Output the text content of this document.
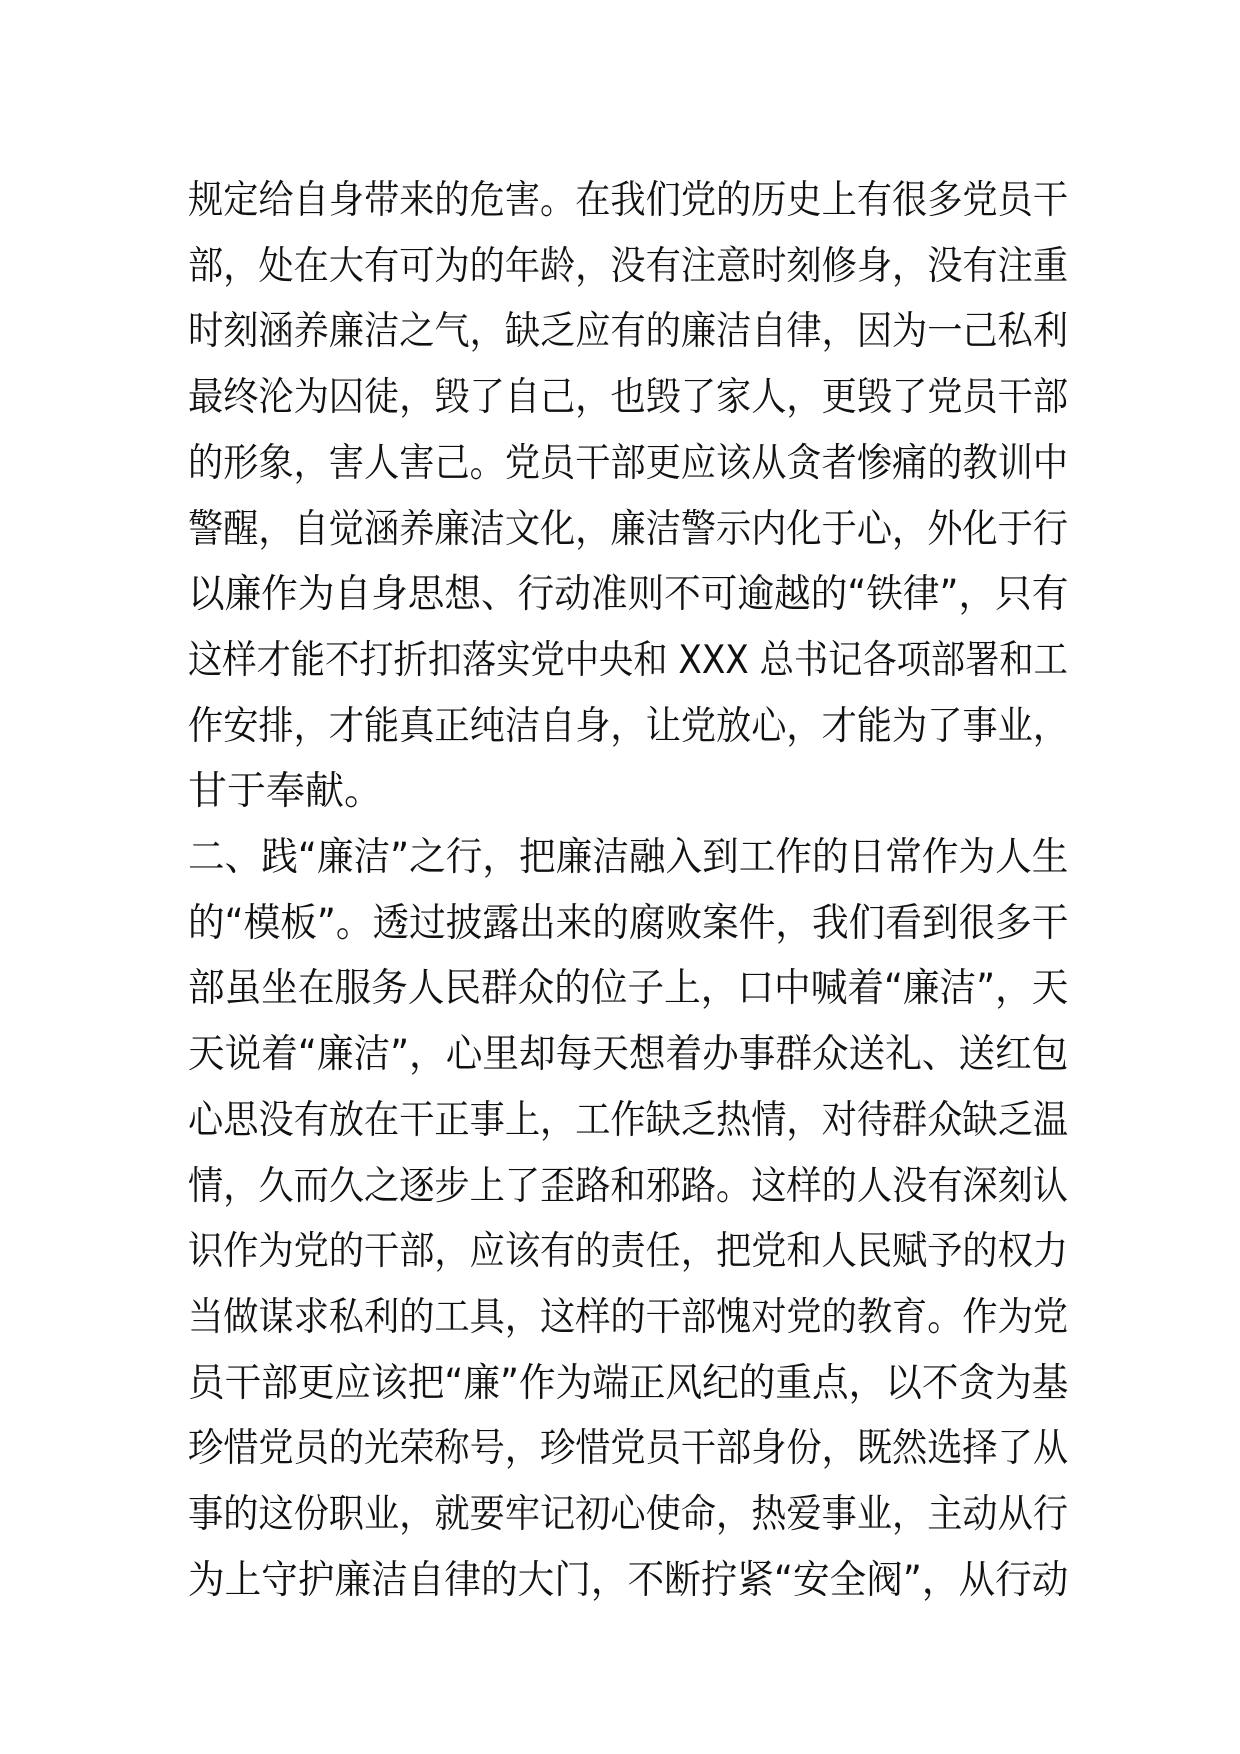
规定给自身带来的危害。在我们党的历史上有很多党员干
部，处在大有可为的年龄，没有注意时刻修身，没有注重
时刻涵养廉洁之气，缺乏应有的廉洁自律，因为一己私利
最终沦为囚徒，毁了自己，也毁了家人，更毁了党员干部
的形象，害人害己。党员干部更应该从贪者惨痛的教训中
警醒，自觉涵养廉洁文化，廉洁警示内化于心，外化于行
以廉作为自身思想、行动准则不可逾越的“铁律”，只有
这样才能不打折扣落实党中央和 XXX 总书记各项部署和工
作安排，才能真正纯洁自身，让党放心，才能为了事业，
甘于奉献。
二、践“廉洁”之行，把廉洁融入到工作的日常作为人生
的“模板”。透过披露出来的腐败案件，我们看到很多干
部虽坐在服务人民群众的位子上，口中喊着“廉洁”，天
天说着“廉洁”，心里却每天想着办事群众送礼、送红包
心思没有放在干正事上，工作缺乏热情，对待群众缺乏温
情，久而久之逐步上了歪路和邪路。这样的人没有深刻认
识作为党的干部，应该有的责任，把党和人民赋予的权力
当做谋求私利的工具，这样的干部愧对党的教育。作为党
员干部更应该把“廉”作为端正风纪的重点，以不贪为基
珍惜党员的光荣称号，珍惜党员干部身份，既然选择了从
事的这份职业，就要牢记初心使命，热爱事业，主动从行
为上守护廉洁自律的大门，不断拧紧“安全阀”，从行动
